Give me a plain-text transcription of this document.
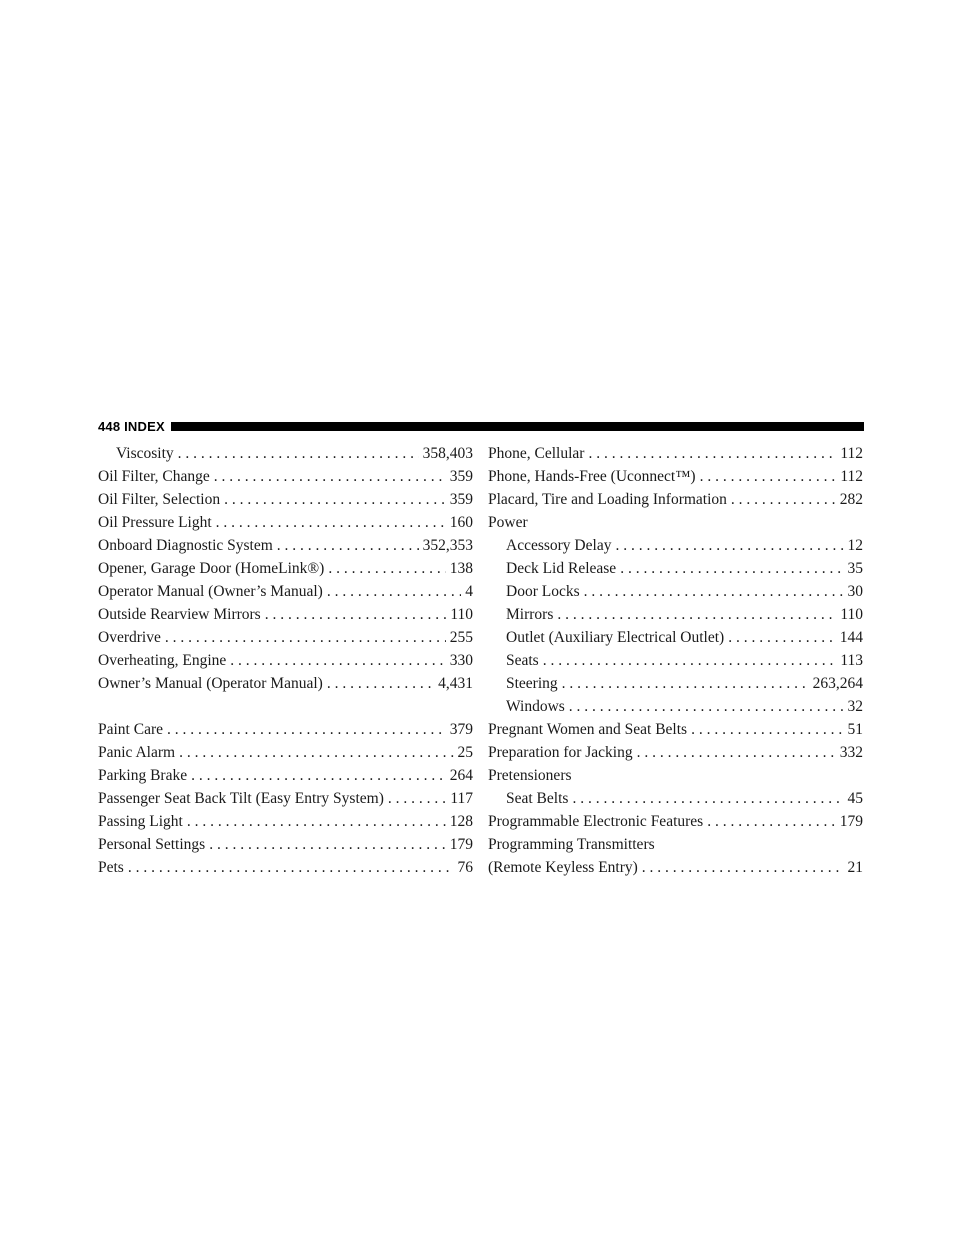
448 INDEX
Viscosity . . .	358,403
Oil Filter, Change . . .	359
Oil Filter, Selection . . .	359
Oil Pressure Light . . .	160
Onboard Diagnostic System . . .	352,353
Opener, Garage Door (HomeLink®) . . .	138
Operator Manual (Owner’s Manual) . . .	4
Outside Rearview Mirrors . . .	110
Overdrive . . .	255
Overheating, Engine . . .	330
Owner’s Manual (Operator Manual) . . .	4,431
Paint Care . . .	379
Panic Alarm . . .	25
Parking Brake . . .	264
Passenger Seat Back Tilt (Easy Entry System) . . .	117
Passing Light . . .	128
Personal Settings . . .	179
Pets . . .	76
Phone, Cellular . . .	112
Phone, Hands-Free (Uconnect™) . . .	112
Placard, Tire and Loading Information . . .	282
Power
Accessory Delay . . .	12
Deck Lid Release . . .	35
Door Locks . . .	30
Mirrors . . .	110
Outlet (Auxiliary Electrical Outlet) . . .	144
Seats . . .	113
Steering . . .	263,264
Windows . . .	32
Pregnant Women and Seat Belts . . .	51
Preparation for Jacking . . .	332
Pretensioners
Seat Belts . . .	45
Programmable Electronic Features . . .	179
Programming Transmitters
(Remote Keyless Entry) . . .	21
